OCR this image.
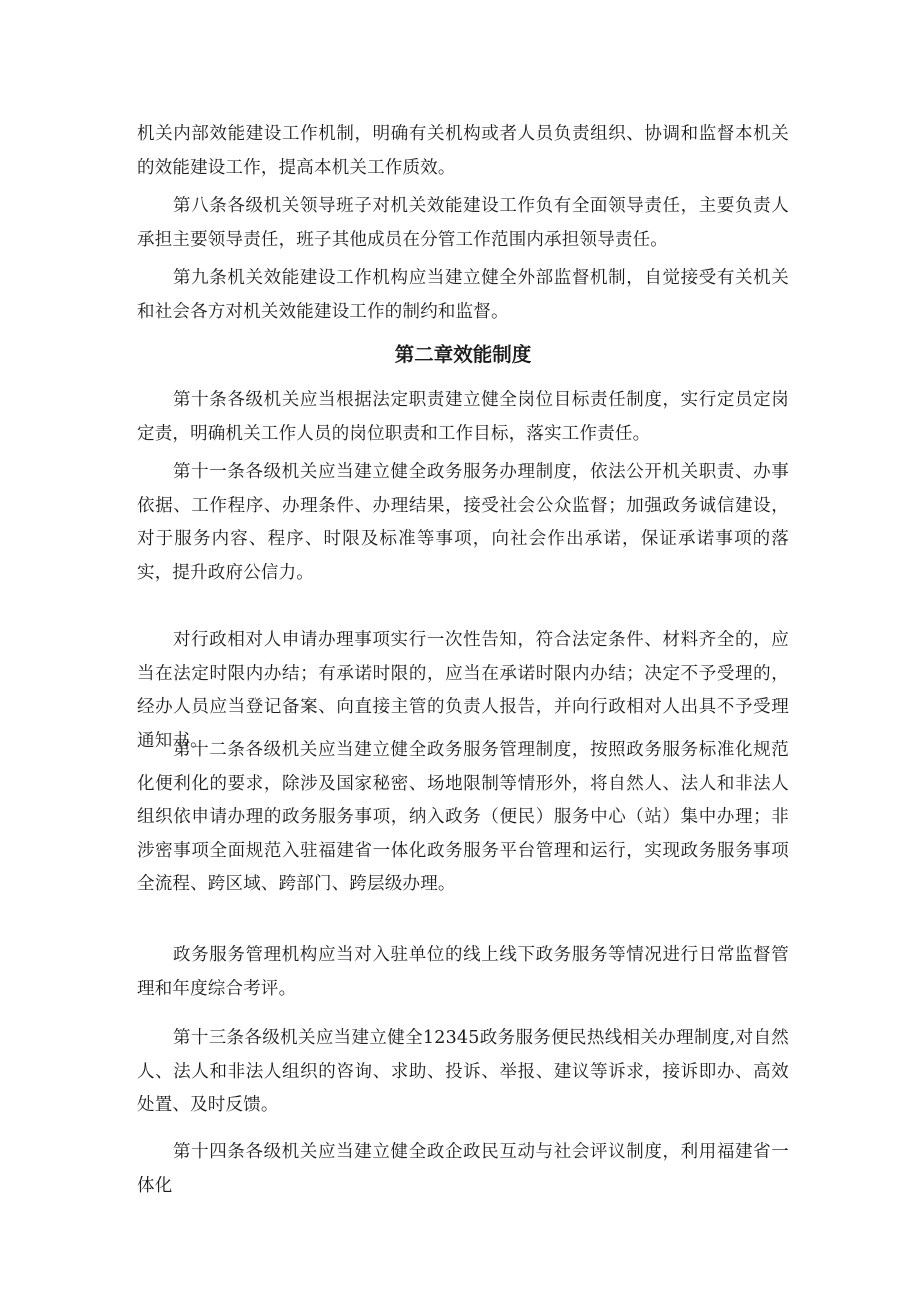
机关内部效能建设工作机制，明确有关机构或者人员负责组织、协调和监督本机关的效能建设工作，提高本机关工作质效。

第八条各级机关领导班子对机关效能建设工作负有全面领导责任，主要负责人承担主要领导责任，班子其他成员在分管工作范围内承担领导责任。

第九条机关效能建设工作机构应当建立健全外部监督机制，自觉接受有关机关和社会各方对机关效能建设工作的制约和监督。

第二章效能制度

第十条各级机关应当根据法定职责建立健全岗位目标责任制度，实行定员定岗定责，明确机关工作人员的岗位职责和工作目标，落实工作责任。

第十一条各级机关应当建立健全政务服务办理制度，依法公开机关职责、办事依据、工作程序、办理条件、办理结果，接受社会公众监督；加强政务诚信建设，对于服务内容、程序、时限及标准等事项，向社会作出承诺，保证承诺事项的落实，提升政府公信力。

对行政相对人申请办理事项实行一次性告知，符合法定条件、材料齐全的，应当在法定时限内办结；有承诺时限的，应当在承诺时限内办结；决定不予受理的，经办人员应当登记备案、向直接主管的负责人报告，并向行政相对人出具不予受理通知书。

第十二条各级机关应当建立健全政务服务管理制度，按照政务服务标准化规范化便利化的要求，除涉及国家秘密、场地限制等情形外，将自然人、法人和非法人组织依申请办理的政务服务事项，纳入政务（便民）服务中心（站）集中办理；非涉密事项全面规范入驻福建省一体化政务服务平台管理和运行，实现政务服务事项全流程、跨区域、跨部门、跨层级办理。

政务服务管理机构应当对入驻单位的线上线下政务服务等情况进行日常监督管理和年度综合考评。

第十三条各级机关应当建立健全12345政务服务便民热线相关办理制度,对自然人、法人和非法人组织的咨询、求助、投诉、举报、建议等诉求，接诉即办、高效处置、及时反馈。

第十四条各级机关应当建立健全政企政民互动与社会评议制度，利用福建省一体化
